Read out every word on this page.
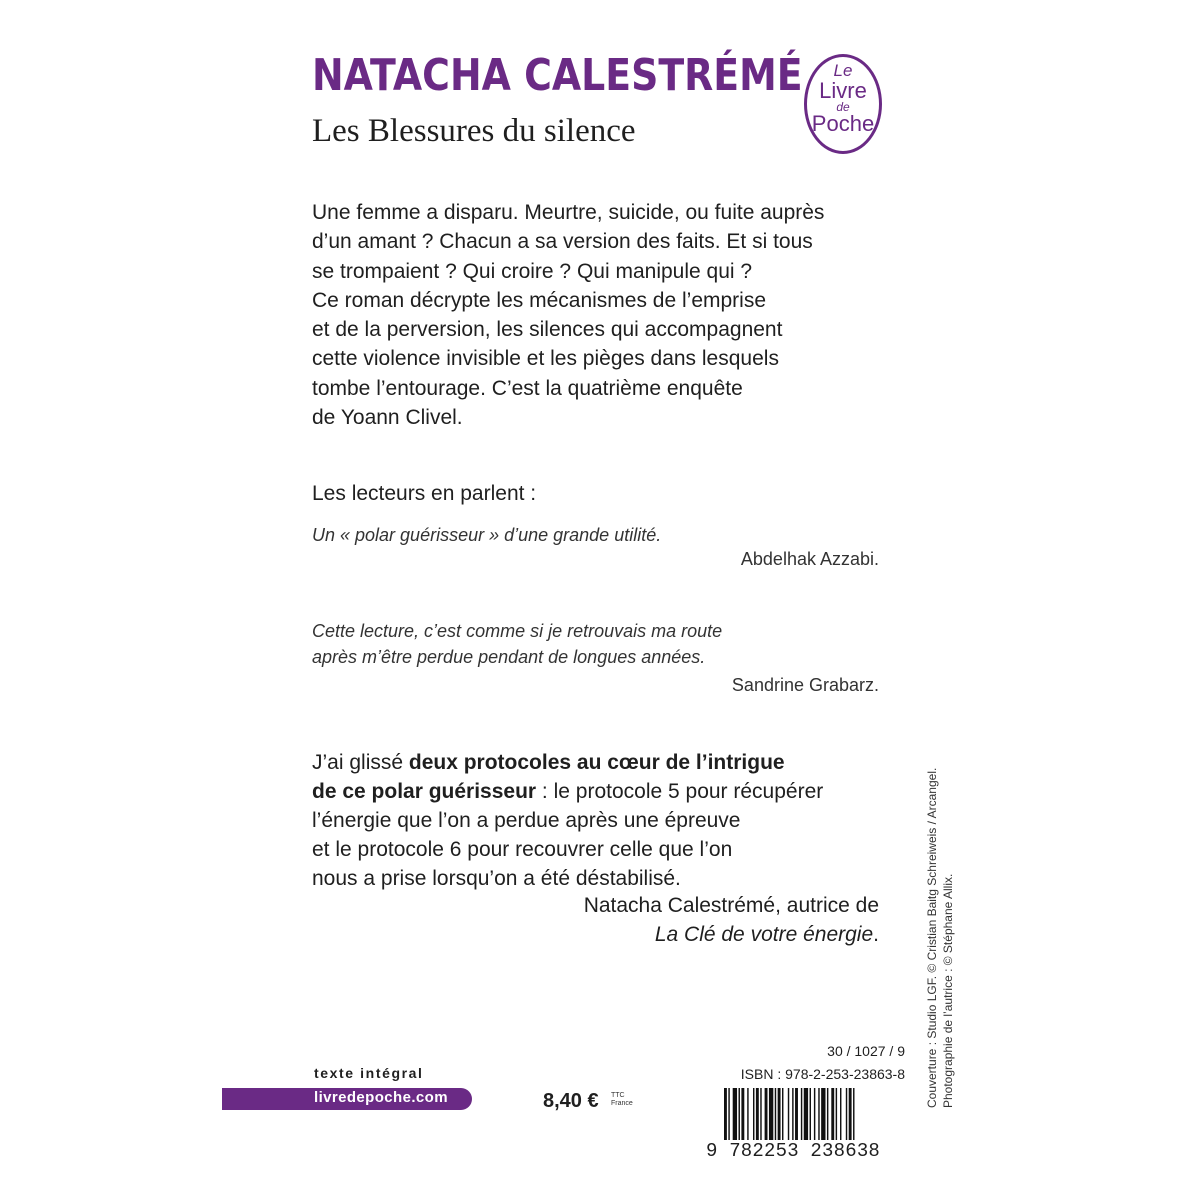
NATACHA CALESTRÉMÉ
Les Blessures du silence
Le
Livre
de
Poche
Une femme a disparu. Meurtre, suicide, ou fuite auprès
d’un amant ? Chacun a sa version des faits. Et si tous
se trompaient ? Qui croire ? Qui manipule qui ?
Ce roman décrypte les mécanismes de l’emprise
et de la perversion, les silences qui accompagnent
cette violence invisible et les pièges dans lesquels
tombe l’entourage. C’est la quatrième enquête
de Yoann Clivel.
Les lecteurs en parlent :
Un « polar guérisseur » d’une grande utilité.
Abdelhak Azzabi.
Cette lecture, c’est comme si je retrouvais ma route
après m’être perdue pendant de longues années.
Sandrine Grabarz.
J’ai glissé deux protocoles au cœur de l’intrigue
de ce polar guérisseur : le protocole 5 pour récupérer
l’énergie que l’on a perdue après une épreuve
et le protocole 6 pour recouvrer celle que l’on
nous a prise lorsqu’on a été déstabilisé.
Natacha Calestrémé, autrice de
La Clé de votre énergie.	Couverture : Studio LGF. © Cristian Baitg Schreiweis / Arcangel. Photographie de l’autrice : © Stéphane Allix.
texte intégral
livredepoche.com	8,40 € TTC
France
30 / 1027 / 9
ISBN : 978-2-253-23863-8
9 782253 238638
